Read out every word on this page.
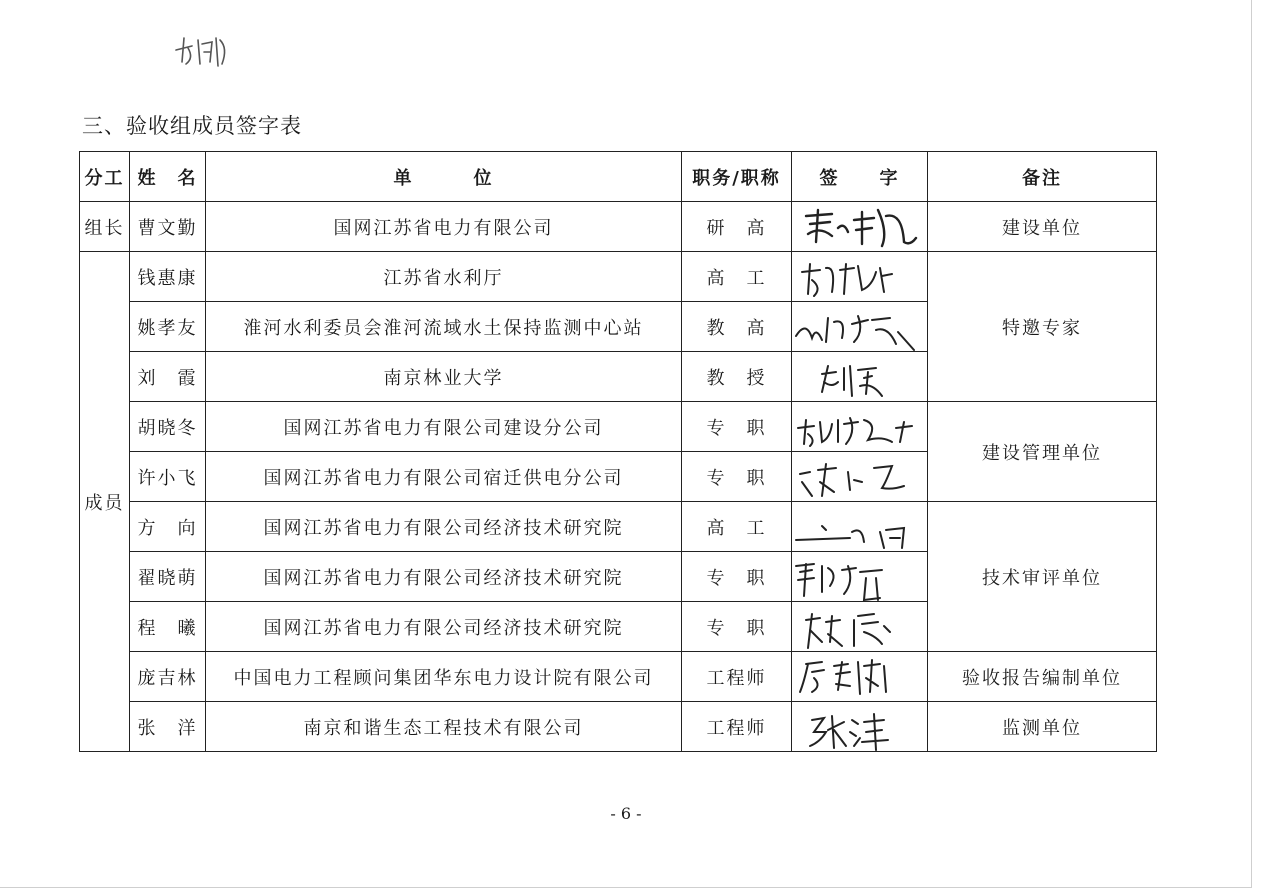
三、验收组成员签字表
分工	姓　名	单　　　位	职务/职称	签　　字	备注
组长	曹文勤	国网江苏省电力有限公司	研　高		建设单位
成员	钱惠康	江苏省水利厅	高　工		特邀专家
	姚孝友	淮河水利委员会淮河流域水土保持监测中心站	教　高	

	刘　霞	南京林业大学	教　授	

	胡晓冬	国网江苏省电力有限公司建设分公司	专　职		建设管理单位
	许小飞	国网江苏省电力有限公司宿迁供电分公司	专　职	

	方　向	国网江苏省电力有限公司经济技术研究院	高　工		技术审评单位
	翟晓萌	国网江苏省电力有限公司经济技术研究院	专　职	

	程　曦	国网江苏省电力有限公司经济技术研究院	专　职	

	庞吉林	中国电力工程顾问集团华东电力设计院有限公司	工程师		验收报告编制单位
	张　洋	南京和谐生态工程技术有限公司	工程师		监测单位
- 6 -
